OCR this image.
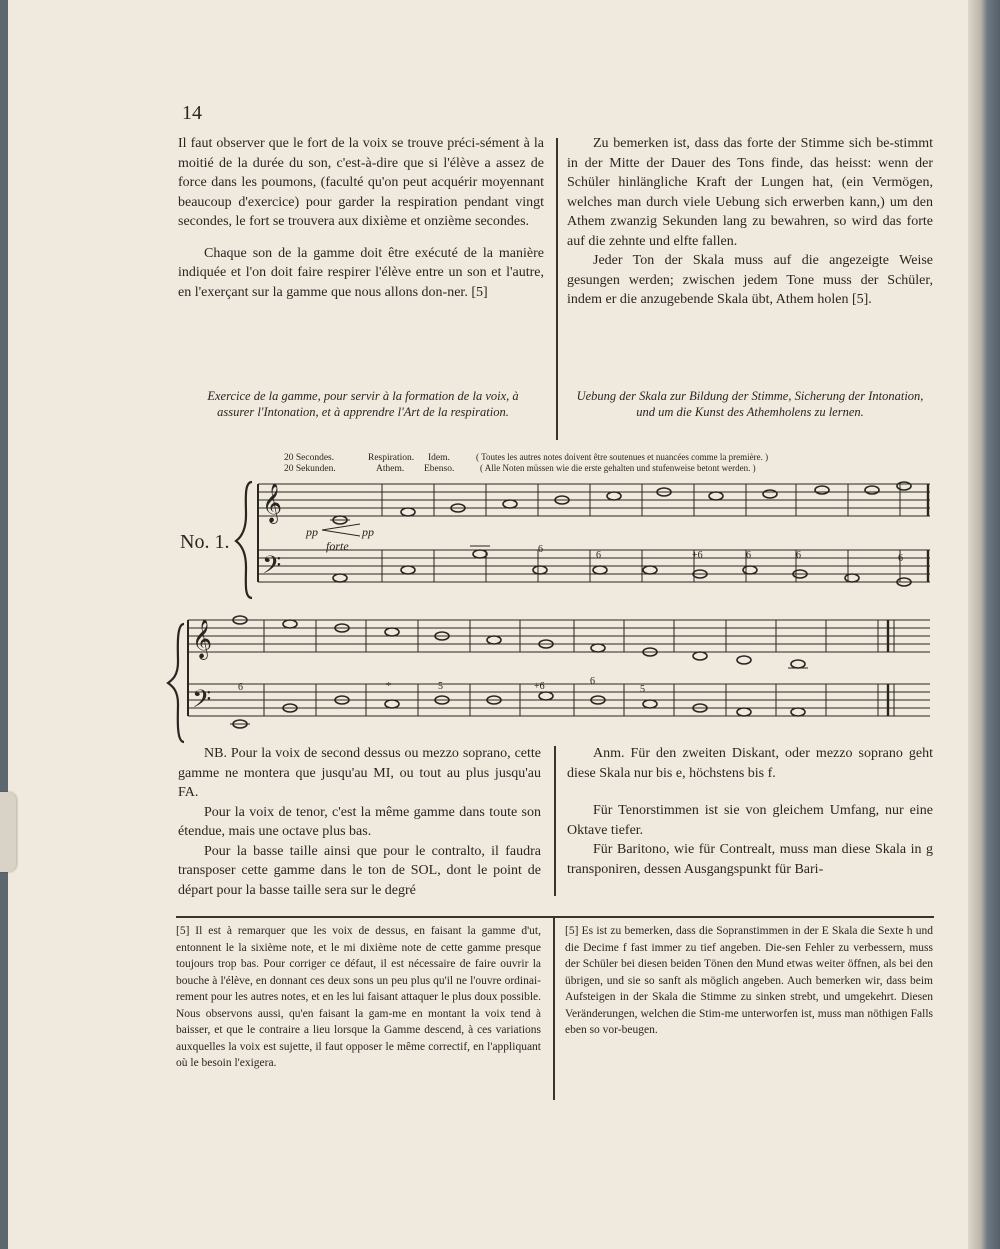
14

Il faut observer que le fort de la voix se trouve préci-sément à la moitié de la durée du son, c'est-à-dire que si l'élève a assez de force dans les poumons, (faculté qu'on peut acquérir moyennant beaucoup d'exercice) pour garder la respiration pendant vingt secondes, le fort se trouvera aux dixième et onzième secondes.

Chaque son de la gamme doit être exécuté de la manière indiquée et l'on doit faire respirer l'élève entre un son et l'autre, en l'exerçant sur la gamme que nous allons don-ner. [5]

Zu bemerken ist, dass das forte der Stimme sich be-stimmt in der Mitte der Dauer des Tons finde, das heisst: wenn der Schüler hinlängliche Kraft der Lungen hat, (ein Vermögen, welches man durch viele Uebung sich erwerben kann,) um den Athem zwanzig Sekunden lang zu bewahren, so wird das forte auf die zehnte und elfte fallen.

Jeder Ton der Skala muss auf die angezeigte Weise gesungen werden; zwischen jedem Tone muss der Schüler, indem er die anzugebende Skala übt, Athem holen [5].

Exercice de la gamme, pour servir à la formation de la voix, à assurer l'Intonation, et à apprendre l'Art de la respiration.
Uebung der Skala zur Bildung der Stimme, Sicherung der Intonation, und um die Kunst des Athemholens zu lernen.
20 Secondes.	Respiration. Idem.
20 Sekunden.	Athem. Ebenso.
( Toutes les autres notes doivent être soutenues et nuancées comme la première. )
( Alle Noten müssen wie die erste gehalten und stufenweise betont werden. )
No. 1.
𝄞
𝄢
𝄞
𝄢
pp	pp
forte	6
6	+6	6	6	6
6	*	5	+6	6
5

NB. Pour la voix de second dessus ou mezzo soprano, cette gamme ne montera que jusqu'au MI, ou tout au plus jusqu'au FA.

Pour la voix de tenor, c'est la même gamme dans toute son étendue, mais une octave plus bas.

Pour la basse taille ainsi que pour le contralto, il faudra transposer cette gamme dans le ton de SOL, dont le point de départ pour la basse taille sera sur le degré

Anm. Für den zweiten Diskant, oder mezzo soprano geht diese Skala nur bis e, höchstens bis f.

Für Tenorstimmen ist sie von gleichem Umfang, nur eine Oktave tiefer.

Für Baritono, wie für Contrealt, muss man diese Skala in g transponiren, dessen Ausgangspunkt für Bari-

[5] Il est à remarquer que les voix de dessus, en faisant la gamme d'ut, entonnent le la sixième note, et le mi dixième note de cette gamme presque toujours trop bas. Pour corriger ce défaut, il est nécessaire de faire ouvrir la bouche à l'élève, en donnant ces deux sons un peu plus qu'il ne l'ouvre ordinai-rement pour les autres notes, et en les lui faisant attaquer le plus doux possible. Nous observons aussi, qu'en faisant la gam-me en montant la voix tend à baisser, et que le contraire a lieu lorsque la Gamme descend, à ces variations auxquelles la voix est sujette, il faut opposer le même correctif, en l'appliquant où le besoin l'exigera.
[5] Es ist zu bemerken, dass die Sopranstimmen in der E Skala die Sexte h und die Decime f fast immer zu tief angeben. Die-sen Fehler zu verbessern, muss der Schüler bei diesen beiden Tönen den Mund etwas weiter öffnen, als bei den übrigen, und sie so sanft als möglich angeben. Auch bemerken wir, dass beim Aufsteigen in der Skala die Stimme zu sinken strebt, und umgekehrt. Diesen Veränderungen, welchen die Stim-me unterworfen ist, muss man nöthigen Falls eben so vor-beugen.
